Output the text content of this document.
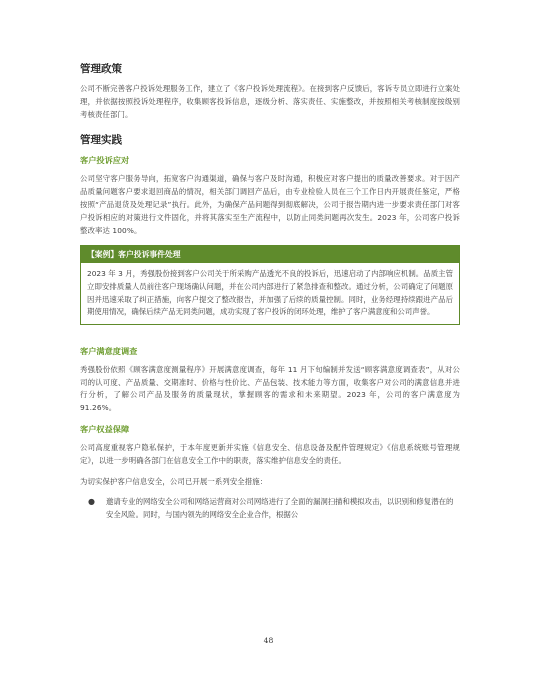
管理政策

公司不断完善客户投诉处理服务工作，建立了《客户投诉处理流程》。在接到客户反馈后，客诉专员立即进行立案处理，并依据按照投诉处理程序，收集顾客投诉信息，逐级分析、落实责任、实施整改，并按照相关考核制度按级别考核责任部门。

管理实践
客户投诉应对

公司坚守客户服务导向，拓宽客户沟通渠道，确保与客户及时沟通，积极应对客户提出的质量改善要求。对于因产品质量问题客户要求退回商品的情况，相关部门调回产品后，由专业检验人员在三个工作日内开展责任鉴定，严格按照“产品退货及处理记录”执行。此外，为确保产品问题得到彻底解决，公司于报告期内进一步要求责任部门对客户投诉相应的对策进行文件固化，并将其落实至生产流程中，以防止同类问题再次发生。2023 年，公司客户投诉整改率达 100%。

【案例】客户投诉事件处理
2023 年 3 月，秀强股份接到客户公司关于所采购产品透光不良的投诉后，迅速启动了内部响应机制。品质主管立即安排质量人员前往客户现场确认问题，并在公司内部进行了紧急排查和整改。通过分析，公司确定了问题原因并迅速采取了纠正措施，向客户提交了整改报告，并加强了后续的质量控制。同时，业务经理持续跟进产品后期使用情况，确保后续产品无同类问题，成功实现了客户投诉的闭环处理，维护了客户满意度和公司声誉。
客户满意度调查

秀强股份依照《顾客满意度测量程序》开展满意度调查，每年 11 月下旬编制并发送“顾客满意度调查表”，从对公司的认可度、产品质量、交期准时、价格与性价比、产品包装、技术能力等方面，收集客户对公司的满意信息并进行分析，了解公司产品及服务的质量现状，掌握顾客的需求和未来期望。2023 年，公司的客户满意度为 91.26%。

客户权益保障

公司高度重视客户隐私保护，于本年度更新并实施《信息安全、信息设备及配件管理规定》《信息系统账号管理规定》，以进一步明确各部门在信息安全工作中的职责，落实维护信息安全的责任。

为切实保护客户信息安全，公司已开展一系列安全措施：

● 邀请专业的网络安全公司和网络运营商对公司网络进行了全面的漏洞扫描和模拟攻击，以识别和修复潜在的安全风险。同时，与国内领先的网络安全企业合作，根据公
48
